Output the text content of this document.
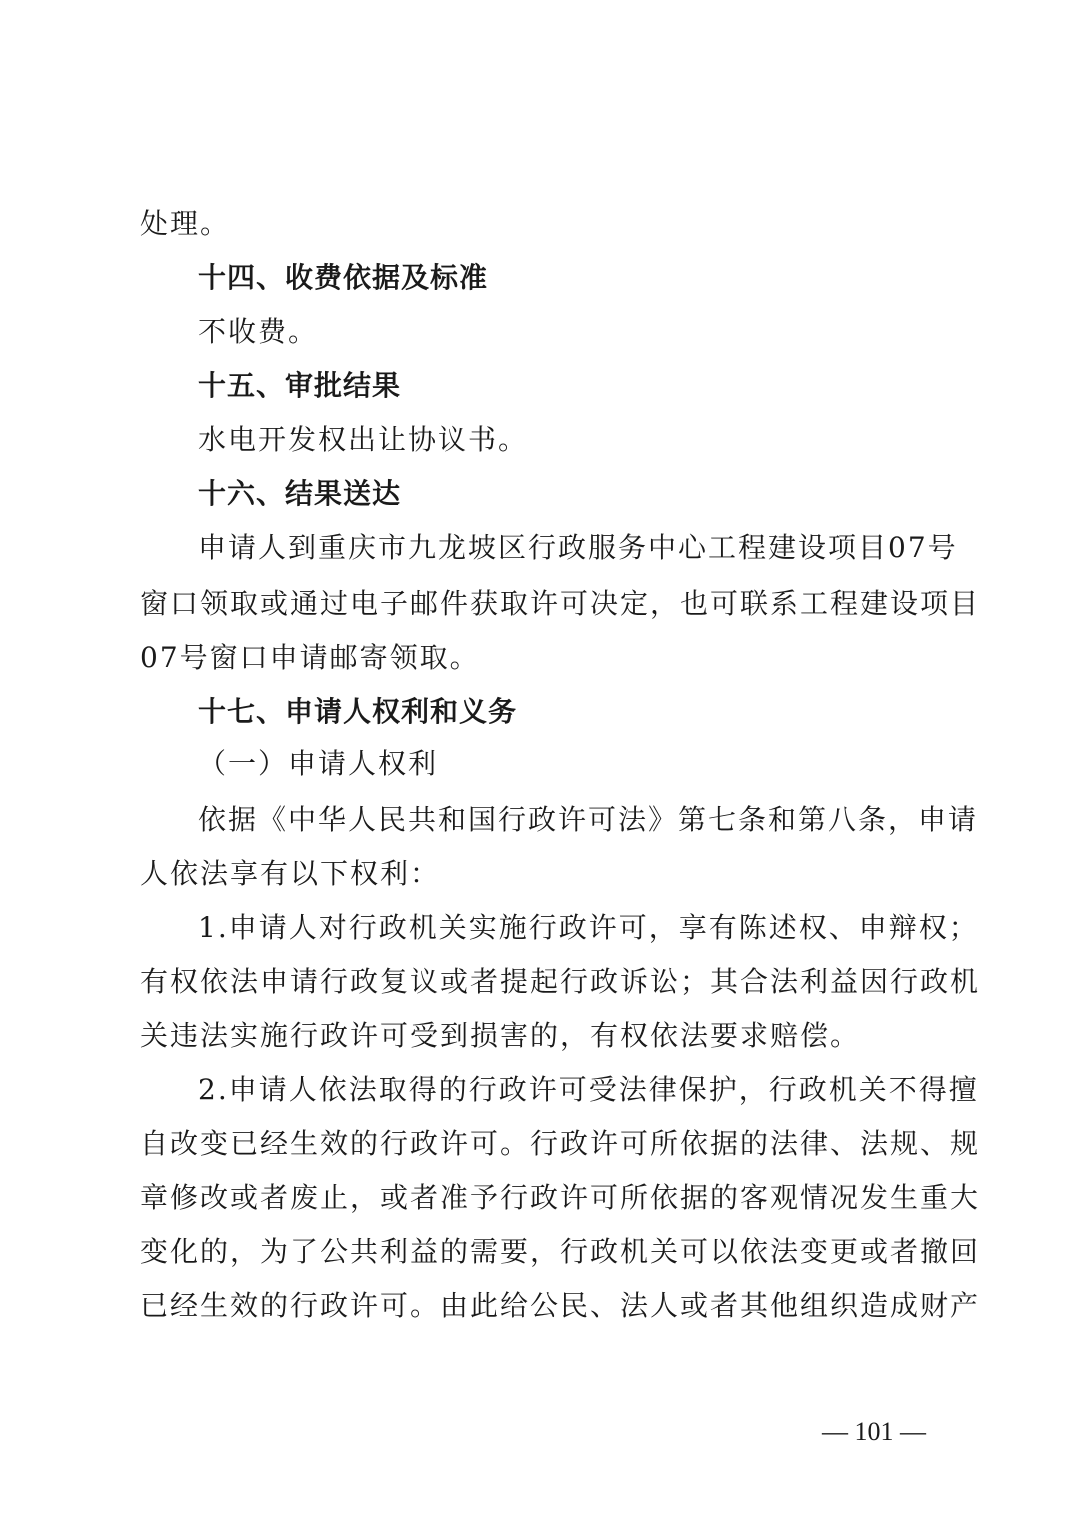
处理。
十四、收费依据及标准
不收费。
十五、审批结果
水电开发权出让协议书。
十六、结果送达
申请人到重庆市九龙坡区行政服务中心工程建设项目07号
窗口领取或通过电子邮件获取许可决定，也可联系工程建设项目
07号窗口申请邮寄领取。
十七、申请人权利和义务
（一）申请人权利
依据《中华人民共和国行政许可法》第七条和第八条，申请
人依法享有以下权利：
1.申请人对行政机关实施行政许可，享有陈述权、申辩权；
有权依法申请行政复议或者提起行政诉讼；其合法利益因行政机
关违法实施行政许可受到损害的，有权依法要求赔偿。
2.申请人依法取得的行政许可受法律保护，行政机关不得擅
自改变已经生效的行政许可。行政许可所依据的法律、法规、规
章修改或者废止，或者准予行政许可所依据的客观情况发生重大
变化的，为了公共利益的需要，行政机关可以依法变更或者撤回
已经生效的行政许可。由此给公民、法人或者其他组织造成财产
— 101 —
